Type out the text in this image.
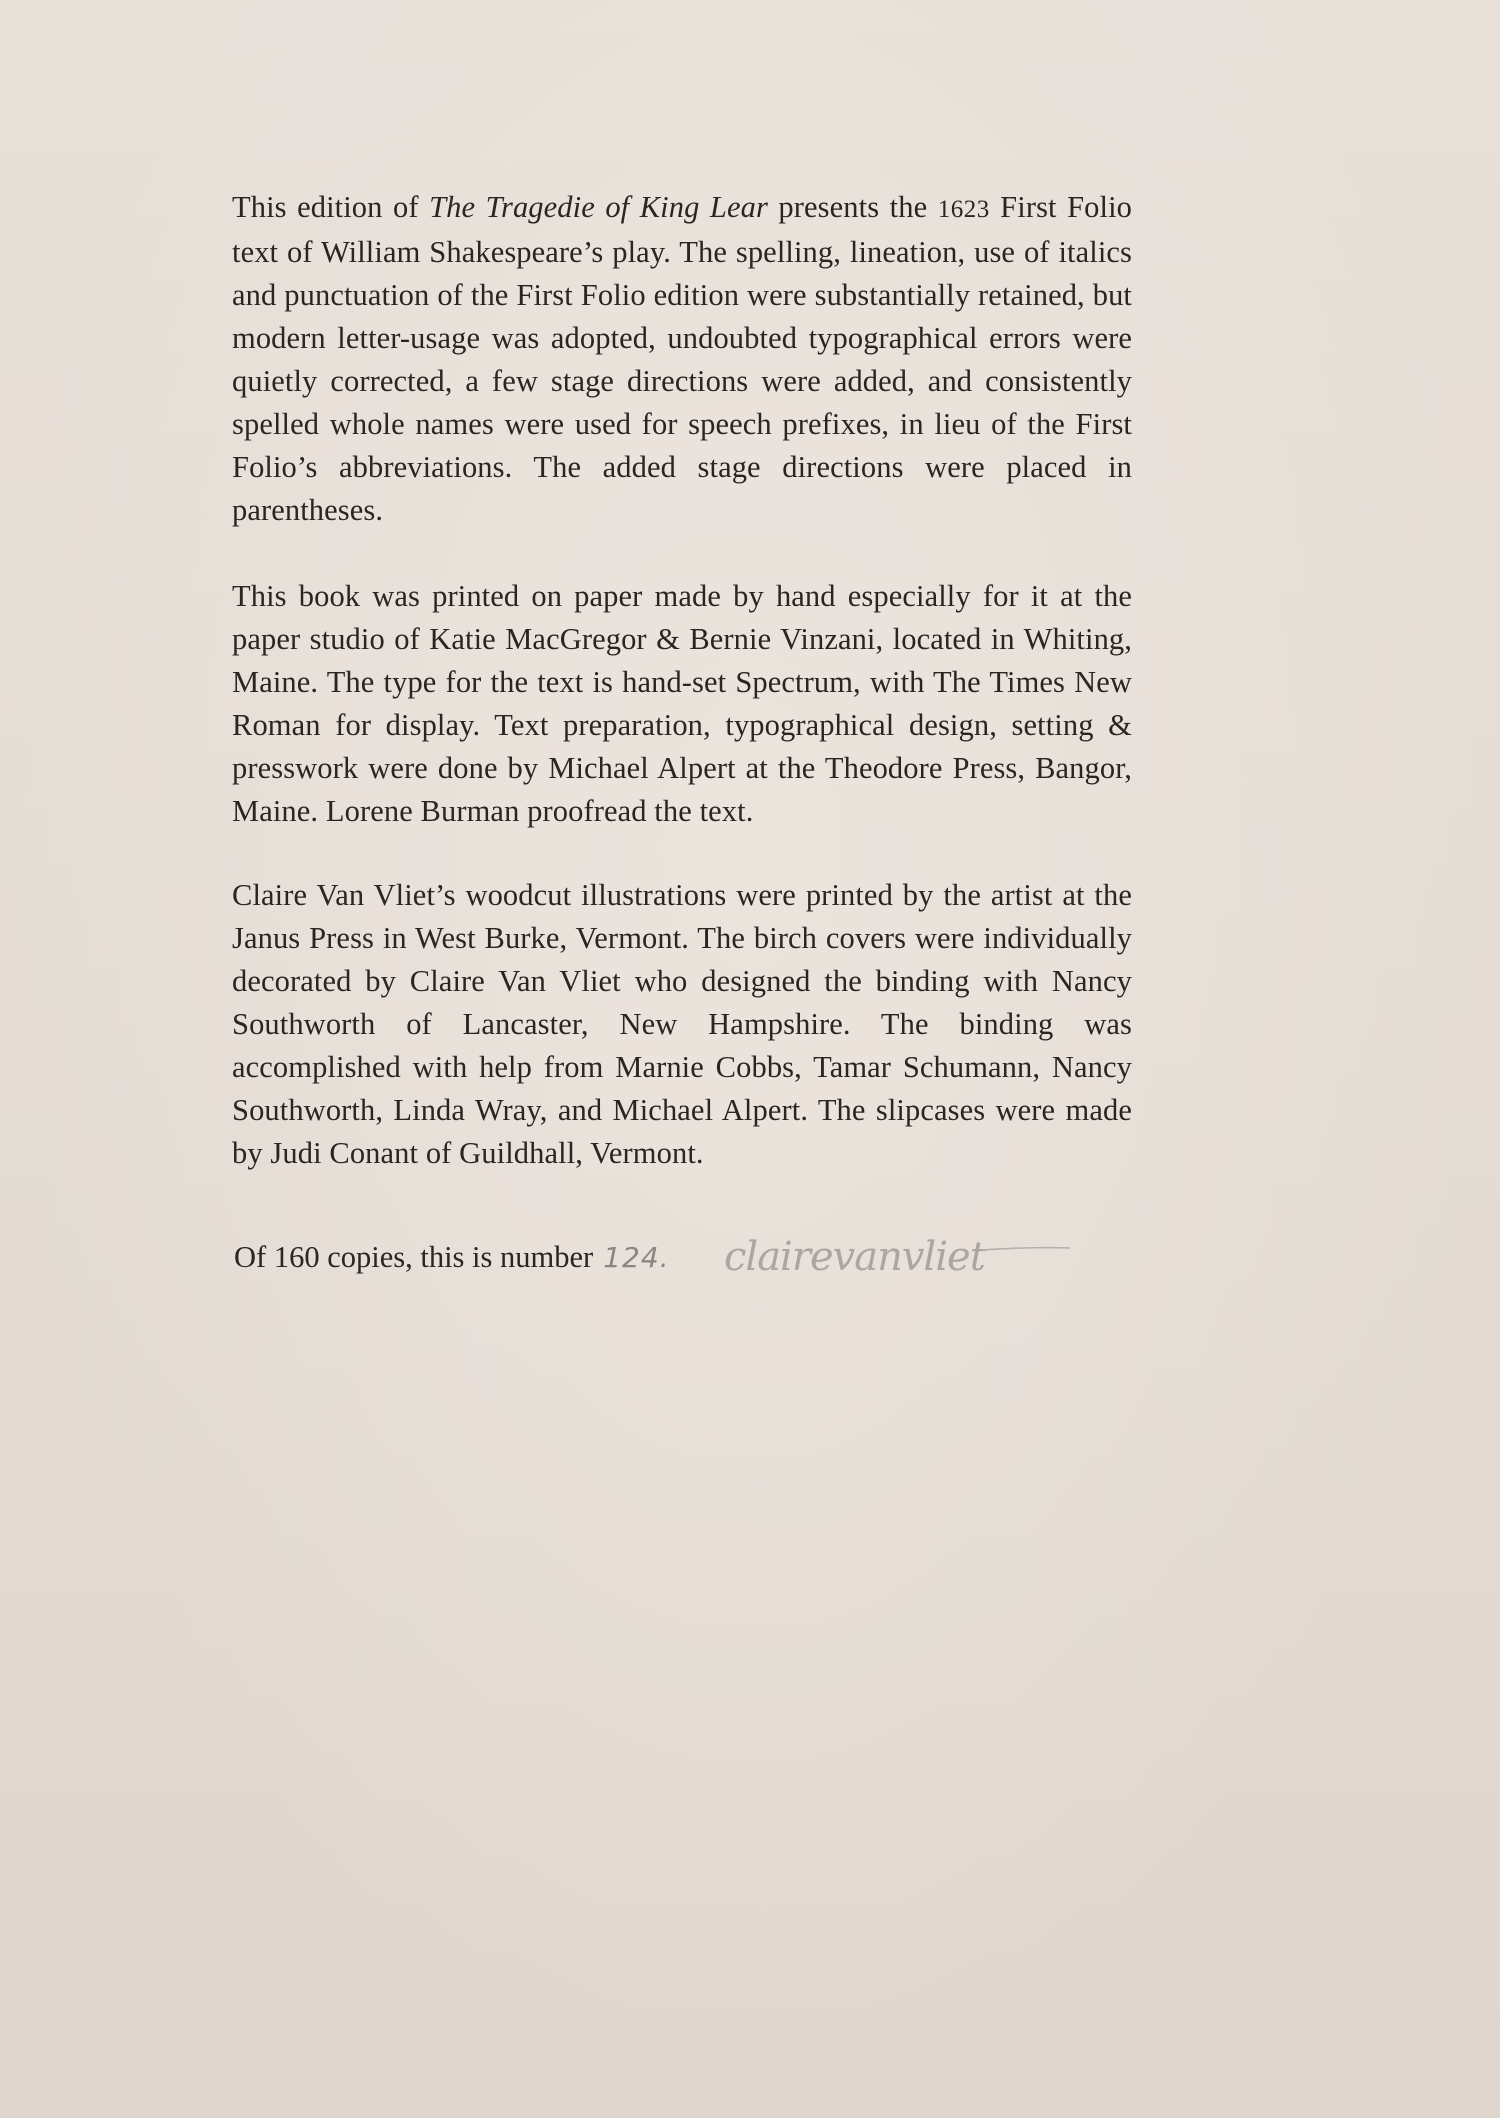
This edition of The Tragedie of King Lear presents the 1623 First Folio text of William Shakespeare’s play. The spelling, lineation, use of italics and punctuation of the First Folio edition were substantially retained, but modern letter-usage was adopted, undoubted typographical errors were quietly corrected, a few stage directions were added, and consistently spelled whole names were used for speech prefixes, in lieu of the First Folio’s abbreviations. The added stage directions were placed in parentheses.

This book was printed on paper made by hand especially for it at the paper studio of Katie MacGregor & Bernie Vinzani, located in Whiting, Maine. The type for the text is hand-set Spectrum, with The Times New Roman for display. Text preparation, typographical design, setting & presswork were done by Michael Alpert at the Theodore Press, Bangor, Maine. Lorene Burman proofread the text.

Claire Van Vliet’s woodcut illustrations were printed by the artist at the Janus Press in West Burke, Vermont. The birch covers were individually decorated by Claire Van Vliet who designed the binding with Nancy Southworth of Lancaster, New Hampshire. The binding was accomplished with help from Marnie Cobbs, Tamar Schumann, Nancy Southworth, Linda Wray, and Michael Alpert. The slipcases were made by Judi Conant of Guildhall, Vermont.

Of 160 copies, this is number 124. clairevanvliet
